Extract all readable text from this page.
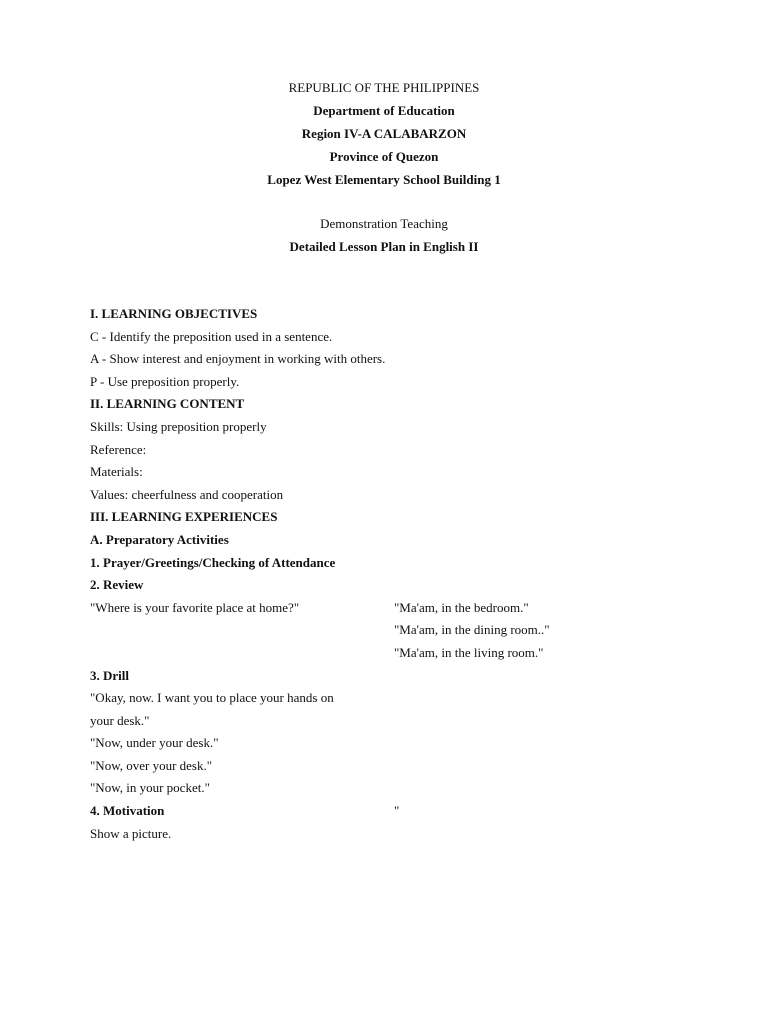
REPUBLIC OF THE PHILIPPINES
Department of Education
Region IV-A CALABARZON
Province of Quezon
Lopez West Elementary School Building 1
Demonstration Teaching
Detailed Lesson Plan in English II
I. LEARNING OBJECTIVES
C - Identify the preposition used in a sentence.
A - Show interest and enjoyment in working with others.
P - Use preposition properly.
II. LEARNING CONTENT
Skills: Using preposition properly
Reference:
Materials:
Values: cheerfulness and cooperation
III. LEARNING EXPERIENCES
A. Preparatory Activities
1. Prayer/Greetings/Checking of Attendance
2. Review
"Where is your favorite place at home?"	"Ma'am, in the bedroom."
"Ma'am, in the dining room.."
"Ma'am, in the living room."
3. Drill
"Okay, now. I want you to place your hands on
your desk."
"Now, under your desk."
"Now, over your desk."
"Now, in your pocket."
4. Motivation	"
Show a picture.
